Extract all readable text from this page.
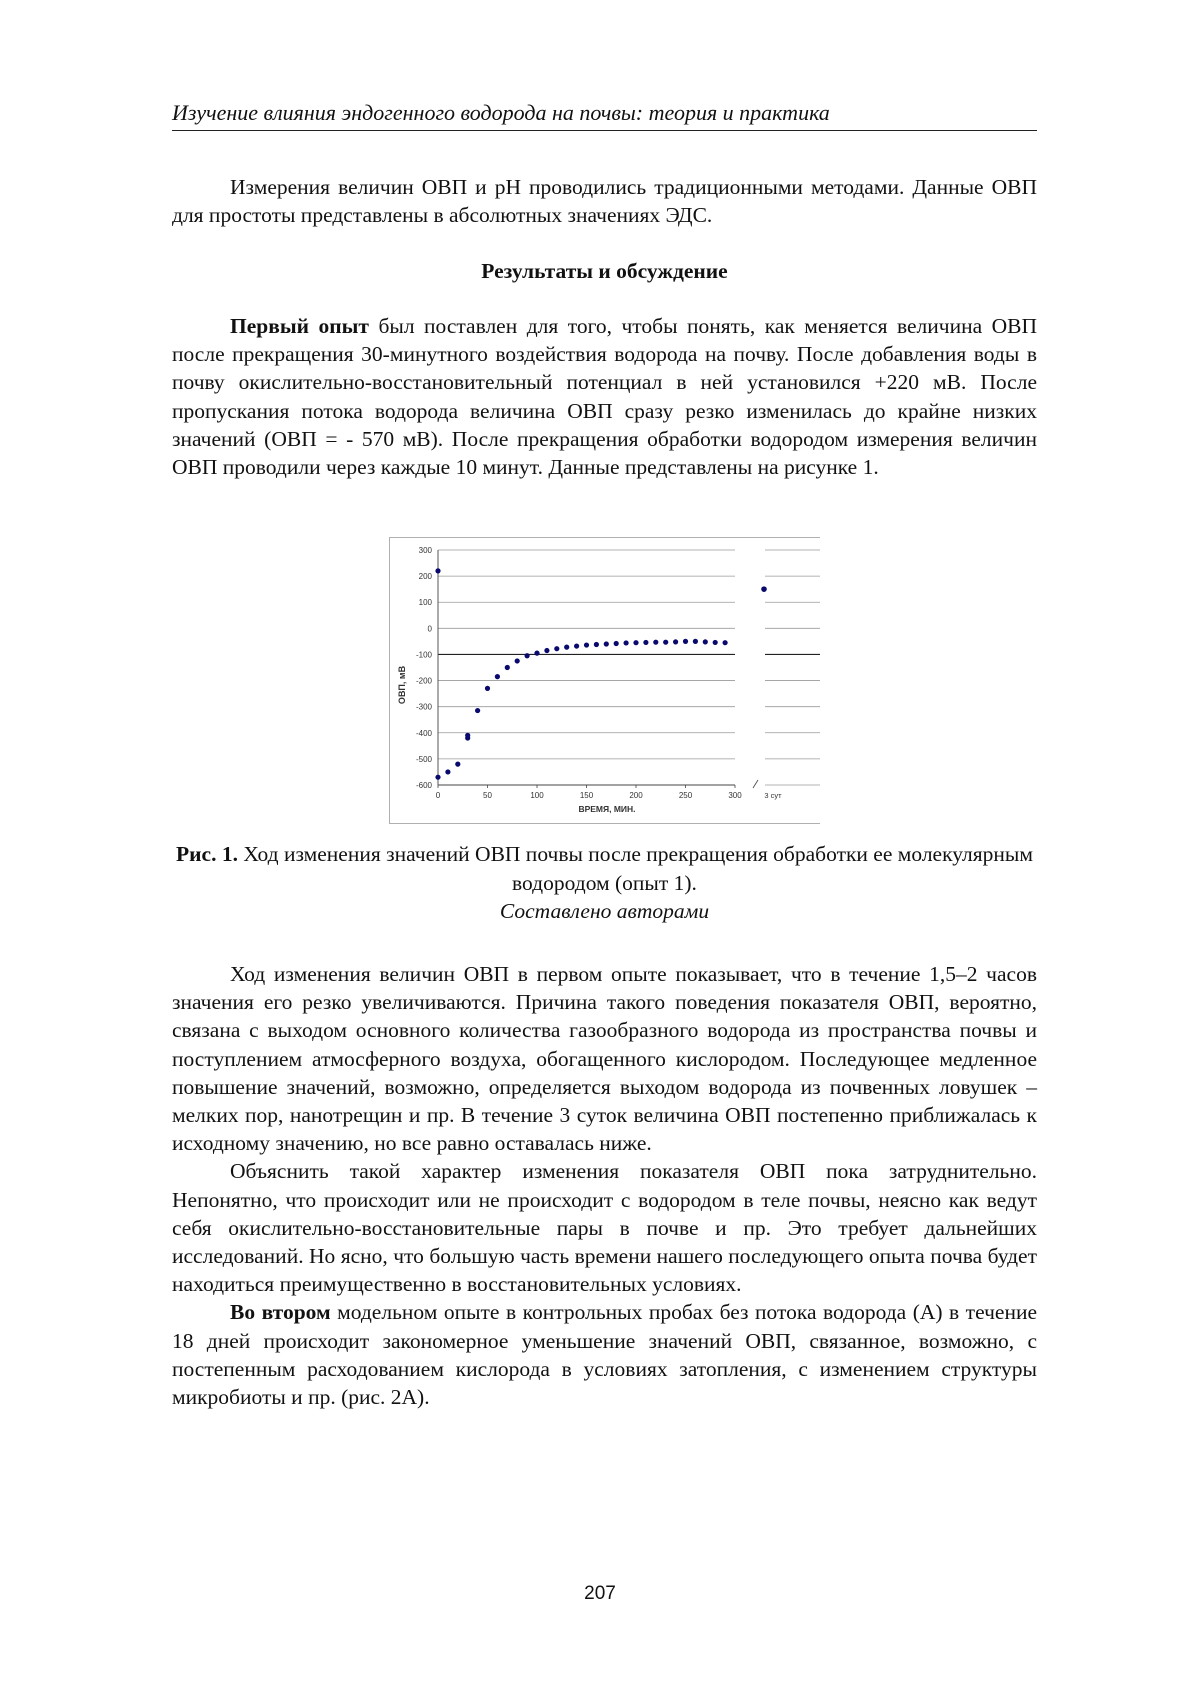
Изучение влияния эндогенного водорода на почвы: теория и практика

Измерения величин ОВП и pH проводились традиционными методами. Данные ОВП для простоты представлены в абсолютных значениях ЭДС.

Результаты и обсуждение

Первый опыт был поставлен для того, чтобы понять, как меняется величина ОВП после прекращения 30-минутного воздействия водорода на почву. После добавления воды в почву окислительно-восстановительный потенциал в ней установился +220 мВ. После пропускания потока водорода величина ОВП сразу резко изменилась до крайне низких значений (ОВП = - 570 мВ). После прекращения обработки водородом измерения величин ОВП проводили через каждые 10 минут. Данные представлены на рисунке 1.

300
200
100
0
-100
-200
-300
-400
-500
-600
0	50	100	150	200	250	300	3 сут
ОВП, мВ
ВРЕМЯ, МИН.
Рис. 1. Ход изменения значений ОВП почвы после прекращения обработки ее молекулярным водородом (опыт 1).
Составлено авторами

Ход изменения величин ОВП в первом опыте показывает, что в течение 1,5–2 часов значения его резко увеличиваются. Причина такого поведения показателя ОВП, вероятно, связана с выходом основного количества газообразного водорода из пространства почвы и поступлением атмосферного воздуха, обогащенного кислородом. Последующее медленное повышение значений, возможно, определяется выходом водорода из почвенных ловушек – мелких пор, нанотрещин и пр. В течение 3 суток величина ОВП постепенно приближалась к исходному значению, но все равно оставалась ниже.

Объяснить такой характер изменения показателя ОВП пока затруднительно. Непонятно, что происходит или не происходит с водородом в теле почвы, неясно как ведут себя окислительно-восстановительные пары в почве и пр. Это требует дальнейших исследований. Но ясно, что большую часть времени нашего последующего опыта почва будет находиться преимущественно в восстановительных условиях.

Во втором модельном опыте в контрольных пробах без потока водорода (А) в течение 18 дней происходит закономерное уменьшение значений ОВП, связанное, возможно, с постепенным расходованием кислорода в условиях затопления, с изменением структуры микробиоты и пр. (рис. 2А).

207
